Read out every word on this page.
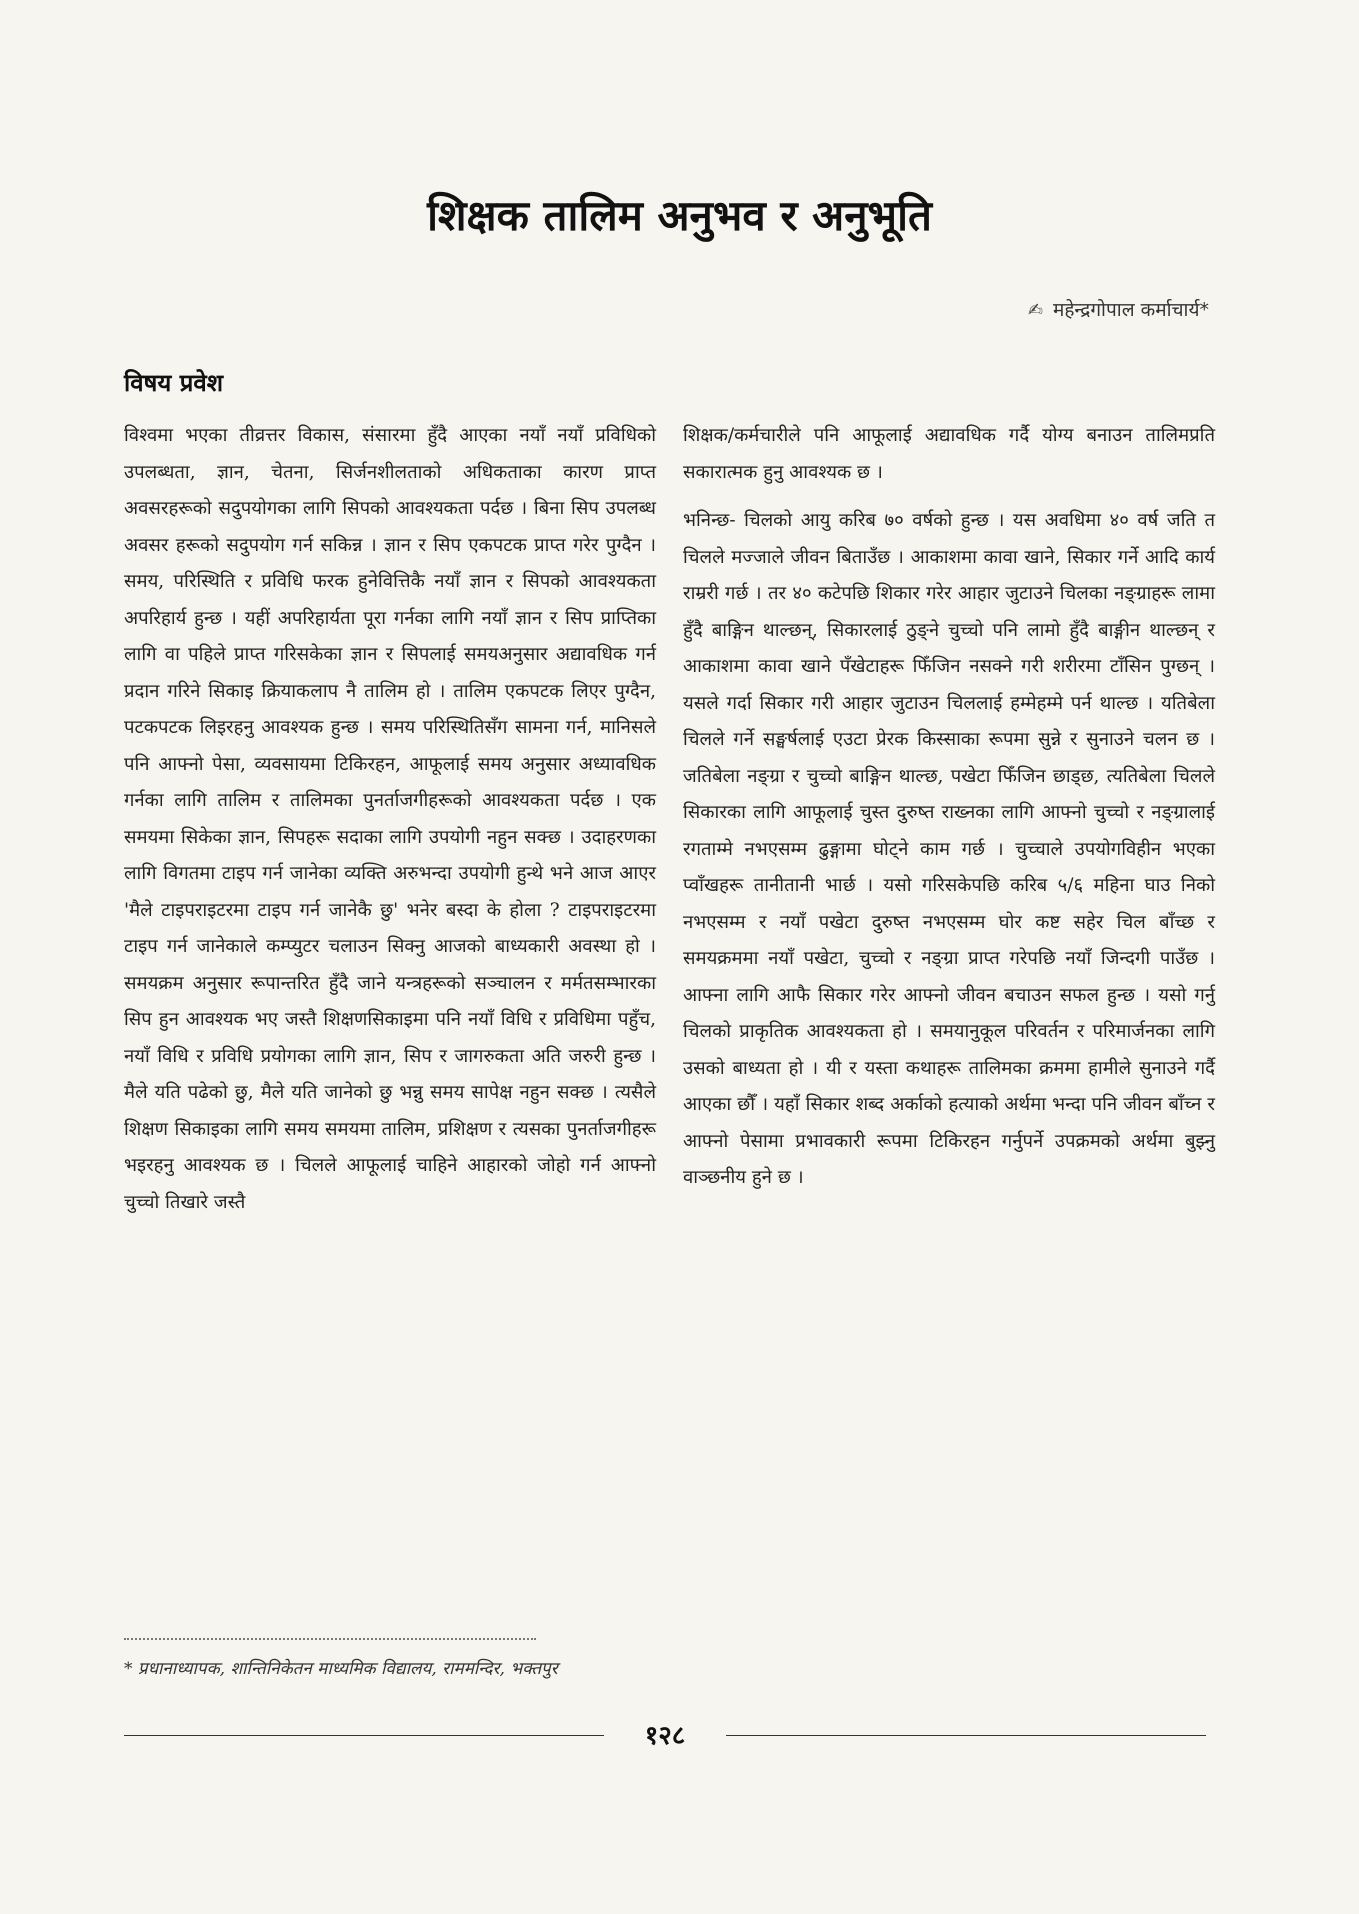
शिक्षक तालिम अनुभव र अनुभूति
✍ महेन्द्रगोपाल कर्माचार्य*
विषय प्रवेश

विश्वमा भएका तीव्रत्तर विकास, संसारमा हुँदै आएका नयाँ नयाँ प्रविधिको उपलब्धता, ज्ञान, चेतना, सिर्जनशीलताको अधिकताका कारण प्राप्त अवसरहरूको सदुपयोगका लागि सिपको आवश्यकता पर्दछ । बिना सिप उपलब्ध अवसर हरूको सदुपयोग गर्न सकिन्न । ज्ञान र सिप एकपटक प्राप्त गरेर पुग्दैन । समय, परिस्थिति र प्रविधि फरक हुनेवित्तिकै नयाँ ज्ञान र सिपको आवश्यकता अपरिहार्य हुन्छ । यहीं अपरिहार्यता पूरा गर्नका लागि नयाँ ज्ञान र सिप प्राप्तिका लागि वा पहिले प्राप्त गरिसकेका ज्ञान र सिपलाई समयअनुसार अद्यावधिक गर्न प्रदान गरिने सिकाइ क्रियाकलाप नै तालिम हो । तालिम एकपटक लिएर पुग्दैन, पटकपटक लिइरहनु आवश्यक हुन्छ । समय परिस्थितिसँग सामना गर्न, मानिसले पनि आफ्नो पेसा, व्यवसायमा टिकिरहन, आफूलाई समय अनुसार अध्यावधिक गर्नका लागि तालिम र तालिमका पुनर्ताजगीहरूको आवश्यकता पर्दछ । एक समयमा सिकेका ज्ञान, सिपहरू सदाका लागि उपयोगी नहुन सक्छ । उदाहरणका लागि विगतमा टाइप गर्न जानेका व्यक्ति अरुभन्दा उपयोगी हुन्थे भने आज आएर 'मैले टाइपराइटरमा टाइप गर्न जानेकै छु' भनेर बस्दा के होला ? टाइपराइटरमा टाइप गर्न जानेकाले कम्प्युटर चलाउन सिक्नु आजको बाध्यकारी अवस्था हो । समयक्रम अनुसार रूपान्तरित हुँदै जाने यन्त्रहरूको सञ्चालन र मर्मतसम्भारका सिप हुन आवश्यक भए जस्तै शिक्षणसिकाइमा पनि नयाँ विधि र प्रविधिमा पहुँच, नयाँ विधि र प्रविधि प्रयोगका लागि ज्ञान, सिप र जागरुकता अति जरुरी हुन्छ । मैले यति पढेको छु, मैले यति जानेको छु भन्नु समय सापेक्ष नहुन सक्छ । त्यसैले शिक्षण सिकाइका लागि समय समयमा तालिम, प्रशिक्षण र त्यसका पुनर्ताजगीहरू भइरहनु आवश्यक छ । चिलले आफूलाई चाहिने आहारको जोहो गर्न आफ्नो चुच्चो तिखारे जस्तै

शिक्षक/कर्मचारीले पनि आफूलाई अद्यावधिक गर्दै योग्य बनाउन तालिमप्रति सकारात्मक हुनु आवश्यक छ ।

भनिन्छ- चिलको आयु करिब ७० वर्षको हुन्छ । यस अवधिमा ४० वर्ष जति त चिलले मज्जाले जीवन बिताउँछ । आकाशमा कावा खाने, सिकार गर्ने आदि कार्य राम्ररी गर्छ । तर ४० कटेपछि शिकार गरेर आहार जुटाउने चिलका नङ्ग्राहरू लामा हुँदै बाङ्गिन थाल्छन्, सिकारलाई ठुङ्ने चुच्चो पनि लामो हुँदै बाङ्गीन थाल्छन् र आकाशमा कावा खाने पँखेटाहरू फिँजिन नसक्ने गरी शरीरमा टाँसिन पुग्छन् । यसले गर्दा सिकार गरी आहार जुटाउन चिललाई हम्मेहम्मे पर्न थाल्छ । यतिबेला चिलले गर्ने सङ्घर्षलाई एउटा प्रेरक किस्साका रूपमा सुन्ने र सुनाउने चलन छ । जतिबेला नङ्ग्रा र चुच्चो बाङ्गिन थाल्छ, पखेटा फिँजिन छाड्छ, त्यतिबेला चिलले सिकारका लागि आफूलाई चुस्त दुरुष्त राख्नका लागि आफ्नो चुच्चो र नङ्ग्रालाई रगताम्मे नभएसम्म ढुङ्गामा घोट्ने काम गर्छ । चुच्चाले उपयोगविहीन भएका प्वाँखहरू तानीतानी भार्छ । यसो गरिसकेपछि करिब ५/६ महिना घाउ निको नभएसम्म र नयाँ पखेटा दुरुष्त नभएसम्म घोर कष्ट सहेर चिल बाँच्छ र समयक्रममा नयाँ पखेटा, चुच्चो र नङ्ग्रा प्राप्त गरेपछि नयाँ जिन्दगी पाउँछ । आफ्ना लागि आफै सिकार गरेर आफ्नो जीवन बचाउन सफल हुन्छ । यसो गर्नु चिलको प्राकृतिक आवश्यकता हो । समयानुकूल परिवर्तन र परिमार्जनका लागि उसको बाध्यता हो । यी र यस्ता कथाहरू तालिमका क्रममा हामीले सुनाउने गर्दै आएका छौँ । यहाँ सिकार शब्द अर्काको हत्याको अर्थमा भन्दा पनि जीवन बाँच्न र आफ्नो पेसामा प्रभावकारी रूपमा टिकिरहन गर्नुपर्ने उपक्रमको अर्थमा बुझ्नु वाञ्छनीय हुने छ ।

* प्रधानाध्यापक, शान्तिनिकेतन माध्यमिक विद्यालय, राममन्दिर, भक्तपुर
१२८
